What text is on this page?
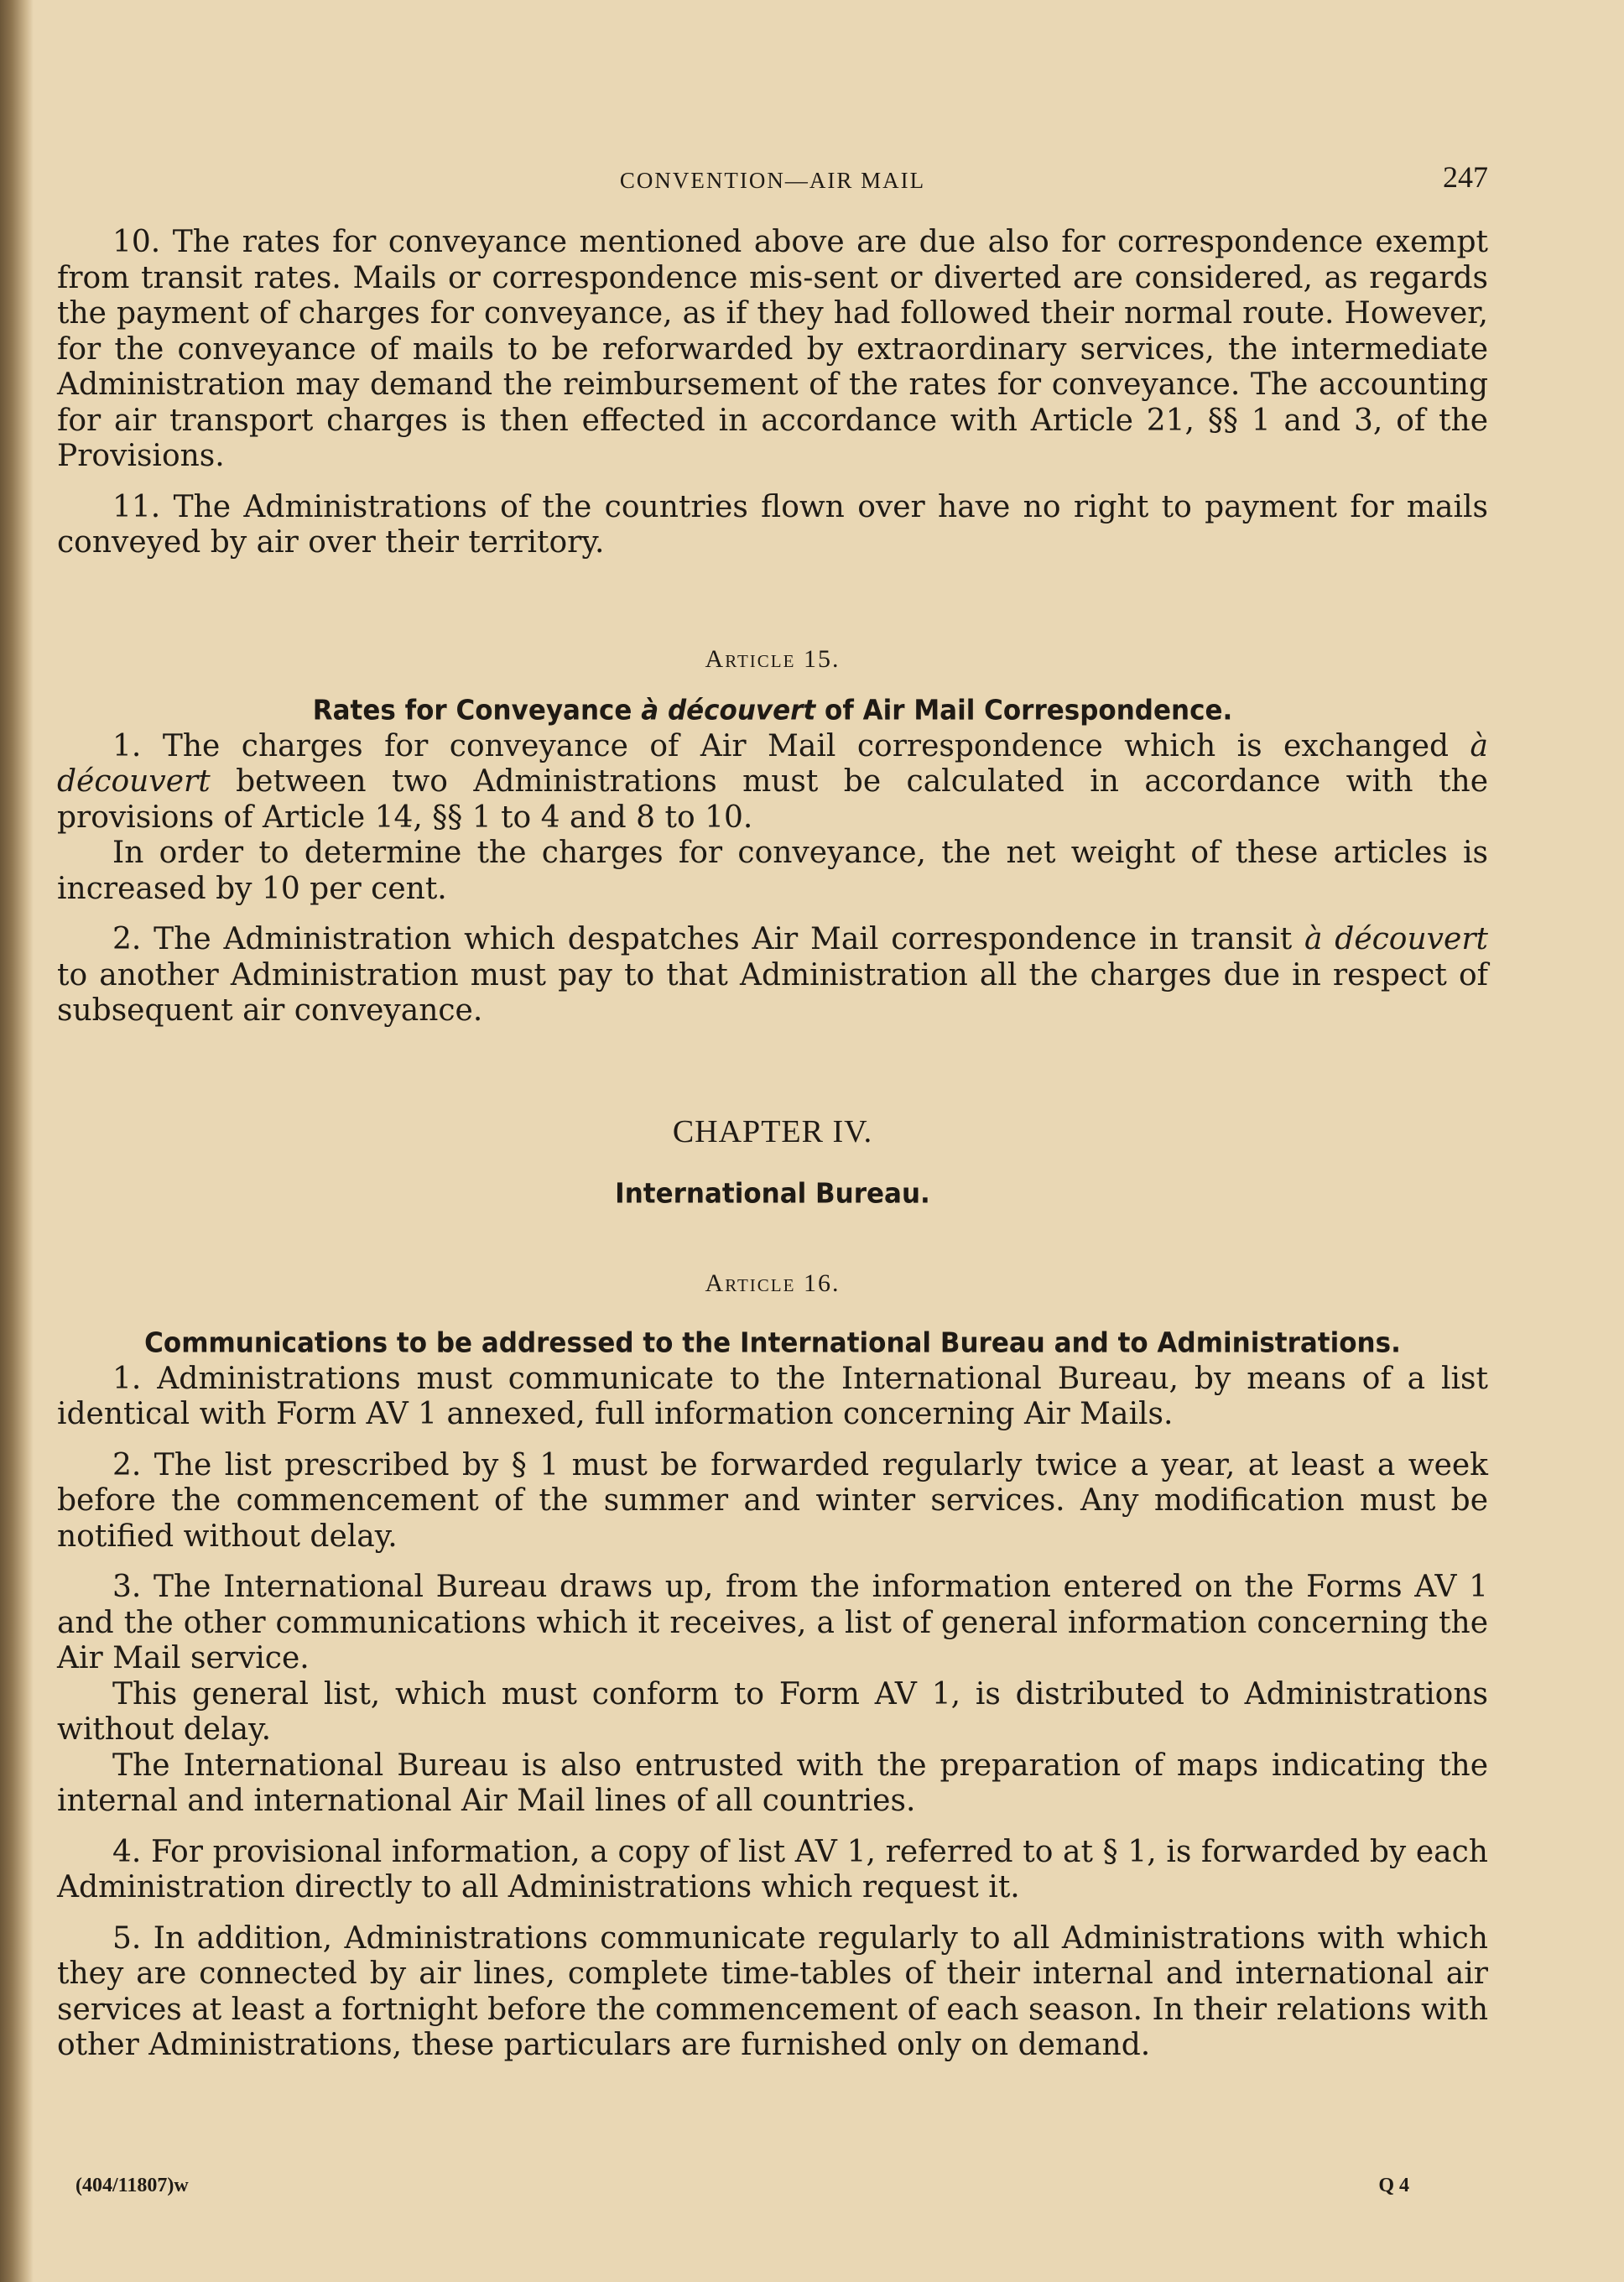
CONVENTION—AIR MAIL	247

10. The rates for conveyance mentioned above are due also for correspondence exempt from transit rates. Mails or correspondence mis-sent or diverted are considered, as regards the payment of charges for conveyance, as if they had followed their normal route. However, for the conveyance of mails to be reforwarded by extraordinary services, the intermediate Administration may demand the reimbursement of the rates for conveyance. The accounting for air transport charges is then effected in accordance with Article 21, §§ 1 and 3, of the Provisions.

11. The Administrations of the countries flown over have no right to payment for mails conveyed by air over their territory.

Article 15.
Rates for Conveyance à découvert of Air Mail Correspondence.

1. The charges for conveyance of Air Mail correspondence which is exchanged à découvert between two Administrations must be calculated in accordance with the provisions of Article 14, §§ 1 to 4 and 8 to 10.

In order to determine the charges for conveyance, the net weight of these articles is increased by 10 per cent.

2. The Administration which despatches Air Mail correspondence in transit à découvert to another Administration must pay to that Administration all the charges due in respect of subsequent air conveyance.

CHAPTER IV.
International Bureau.
Article 16.
Communications to be addressed to the International Bureau and to Administrations.

1. Administrations must communicate to the International Bureau, by means of a list identical with Form AV 1 annexed, full information concerning Air Mails.

2. The list prescribed by § 1 must be forwarded regularly twice a year, at least a week before the commencement of the summer and winter services. Any modification must be notified without delay.

3. The International Bureau draws up, from the information entered on the Forms AV 1 and the other communications which it receives, a list of general information concerning the Air Mail service.

This general list, which must conform to Form AV 1, is distributed to Administrations without delay.

The International Bureau is also entrusted with the preparation of maps indicating the internal and international Air Mail lines of all countries.

4. For provisional information, a copy of list AV 1, referred to at § 1, is forwarded by each Administration directly to all Administrations which request it.

5. In addition, Administrations communicate regularly to all Administrations with which they are connected by air lines, complete time-tables of their internal and international air services at least a fortnight before the commencement of each season. In their relations with other Administrations, these particulars are furnished only on demand.

(404/11807)w	Q 4
